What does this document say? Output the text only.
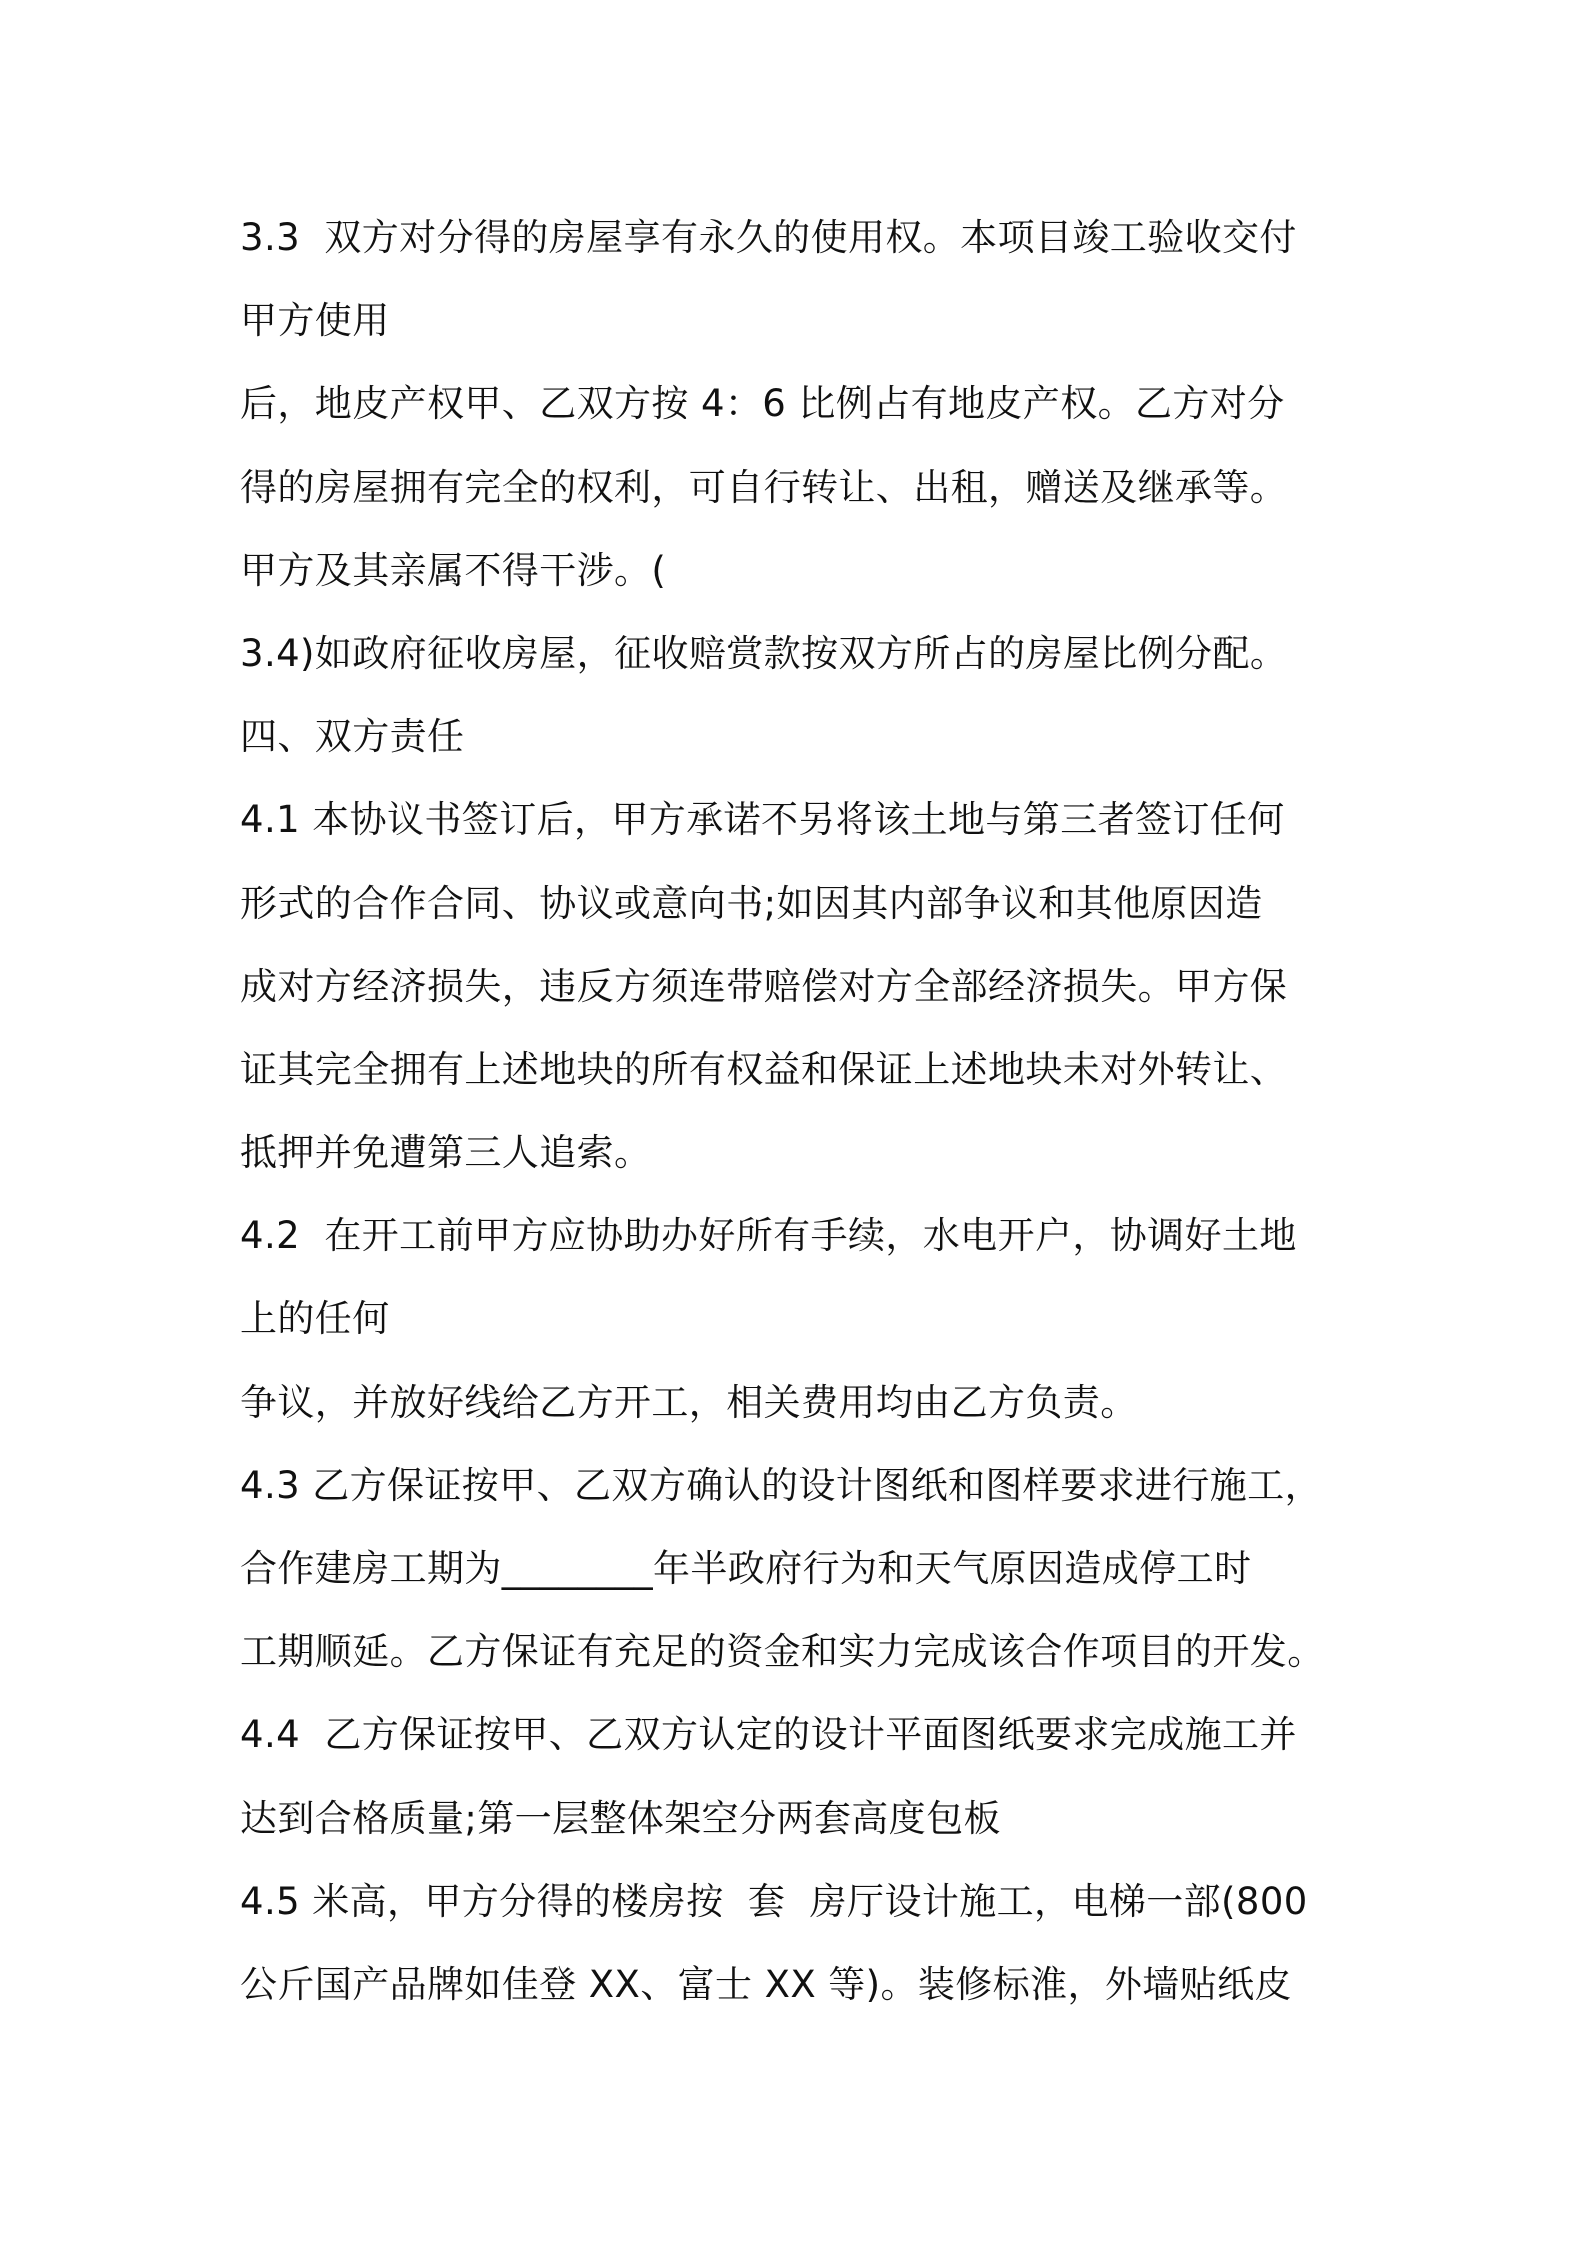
3.3  双方对分得的房屋享有永久的使用权。本项目竣工验收交付
甲方使用
后，地皮产权甲、乙双方按 4：6 比例占有地皮产权。乙方对分
得的房屋拥有完全的权利，可自行转让、出租，赠送及继承等。
甲方及其亲属不得干涉。(
3.4)如政府征收房屋，征收赔赏款按双方所占的房屋比例分配。
四、双方责任
4.1 本协议书签订后，甲方承诺不另将该土地与第三者签订任何
形式的合作合同、协议或意向书;如因其内部争议和其他原因造
成对方经济损失，违反方须连带赔偿对方全部经济损失。甲方保
证其完全拥有上述地块的所有权益和保证上述地块未对外转让、
抵押并免遭第三人追索。
4.2  在开工前甲方应协助办好所有手续，水电开户，协调好土地
上的任何
争议，并放好线给乙方开工，相关费用均由乙方负责。
4.3 乙方保证按甲、乙双方确认的设计图纸和图样要求进行施工，
合作建房工期为________年半政府行为和天气原因造成停工时
工期顺延。乙方保证有充足的资金和实力完成该合作项目的开发。
4.4  乙方保证按甲、乙双方认定的设计平面图纸要求完成施工并
达到合格质量;第一层整体架空分两套高度包板
4.5 米高，甲方分得的楼房按  套  房厅设计施工，电梯一部(800
公斤国产品牌如佳登 XX、富士 XX 等)。装修标淮，外墙贴纸皮
